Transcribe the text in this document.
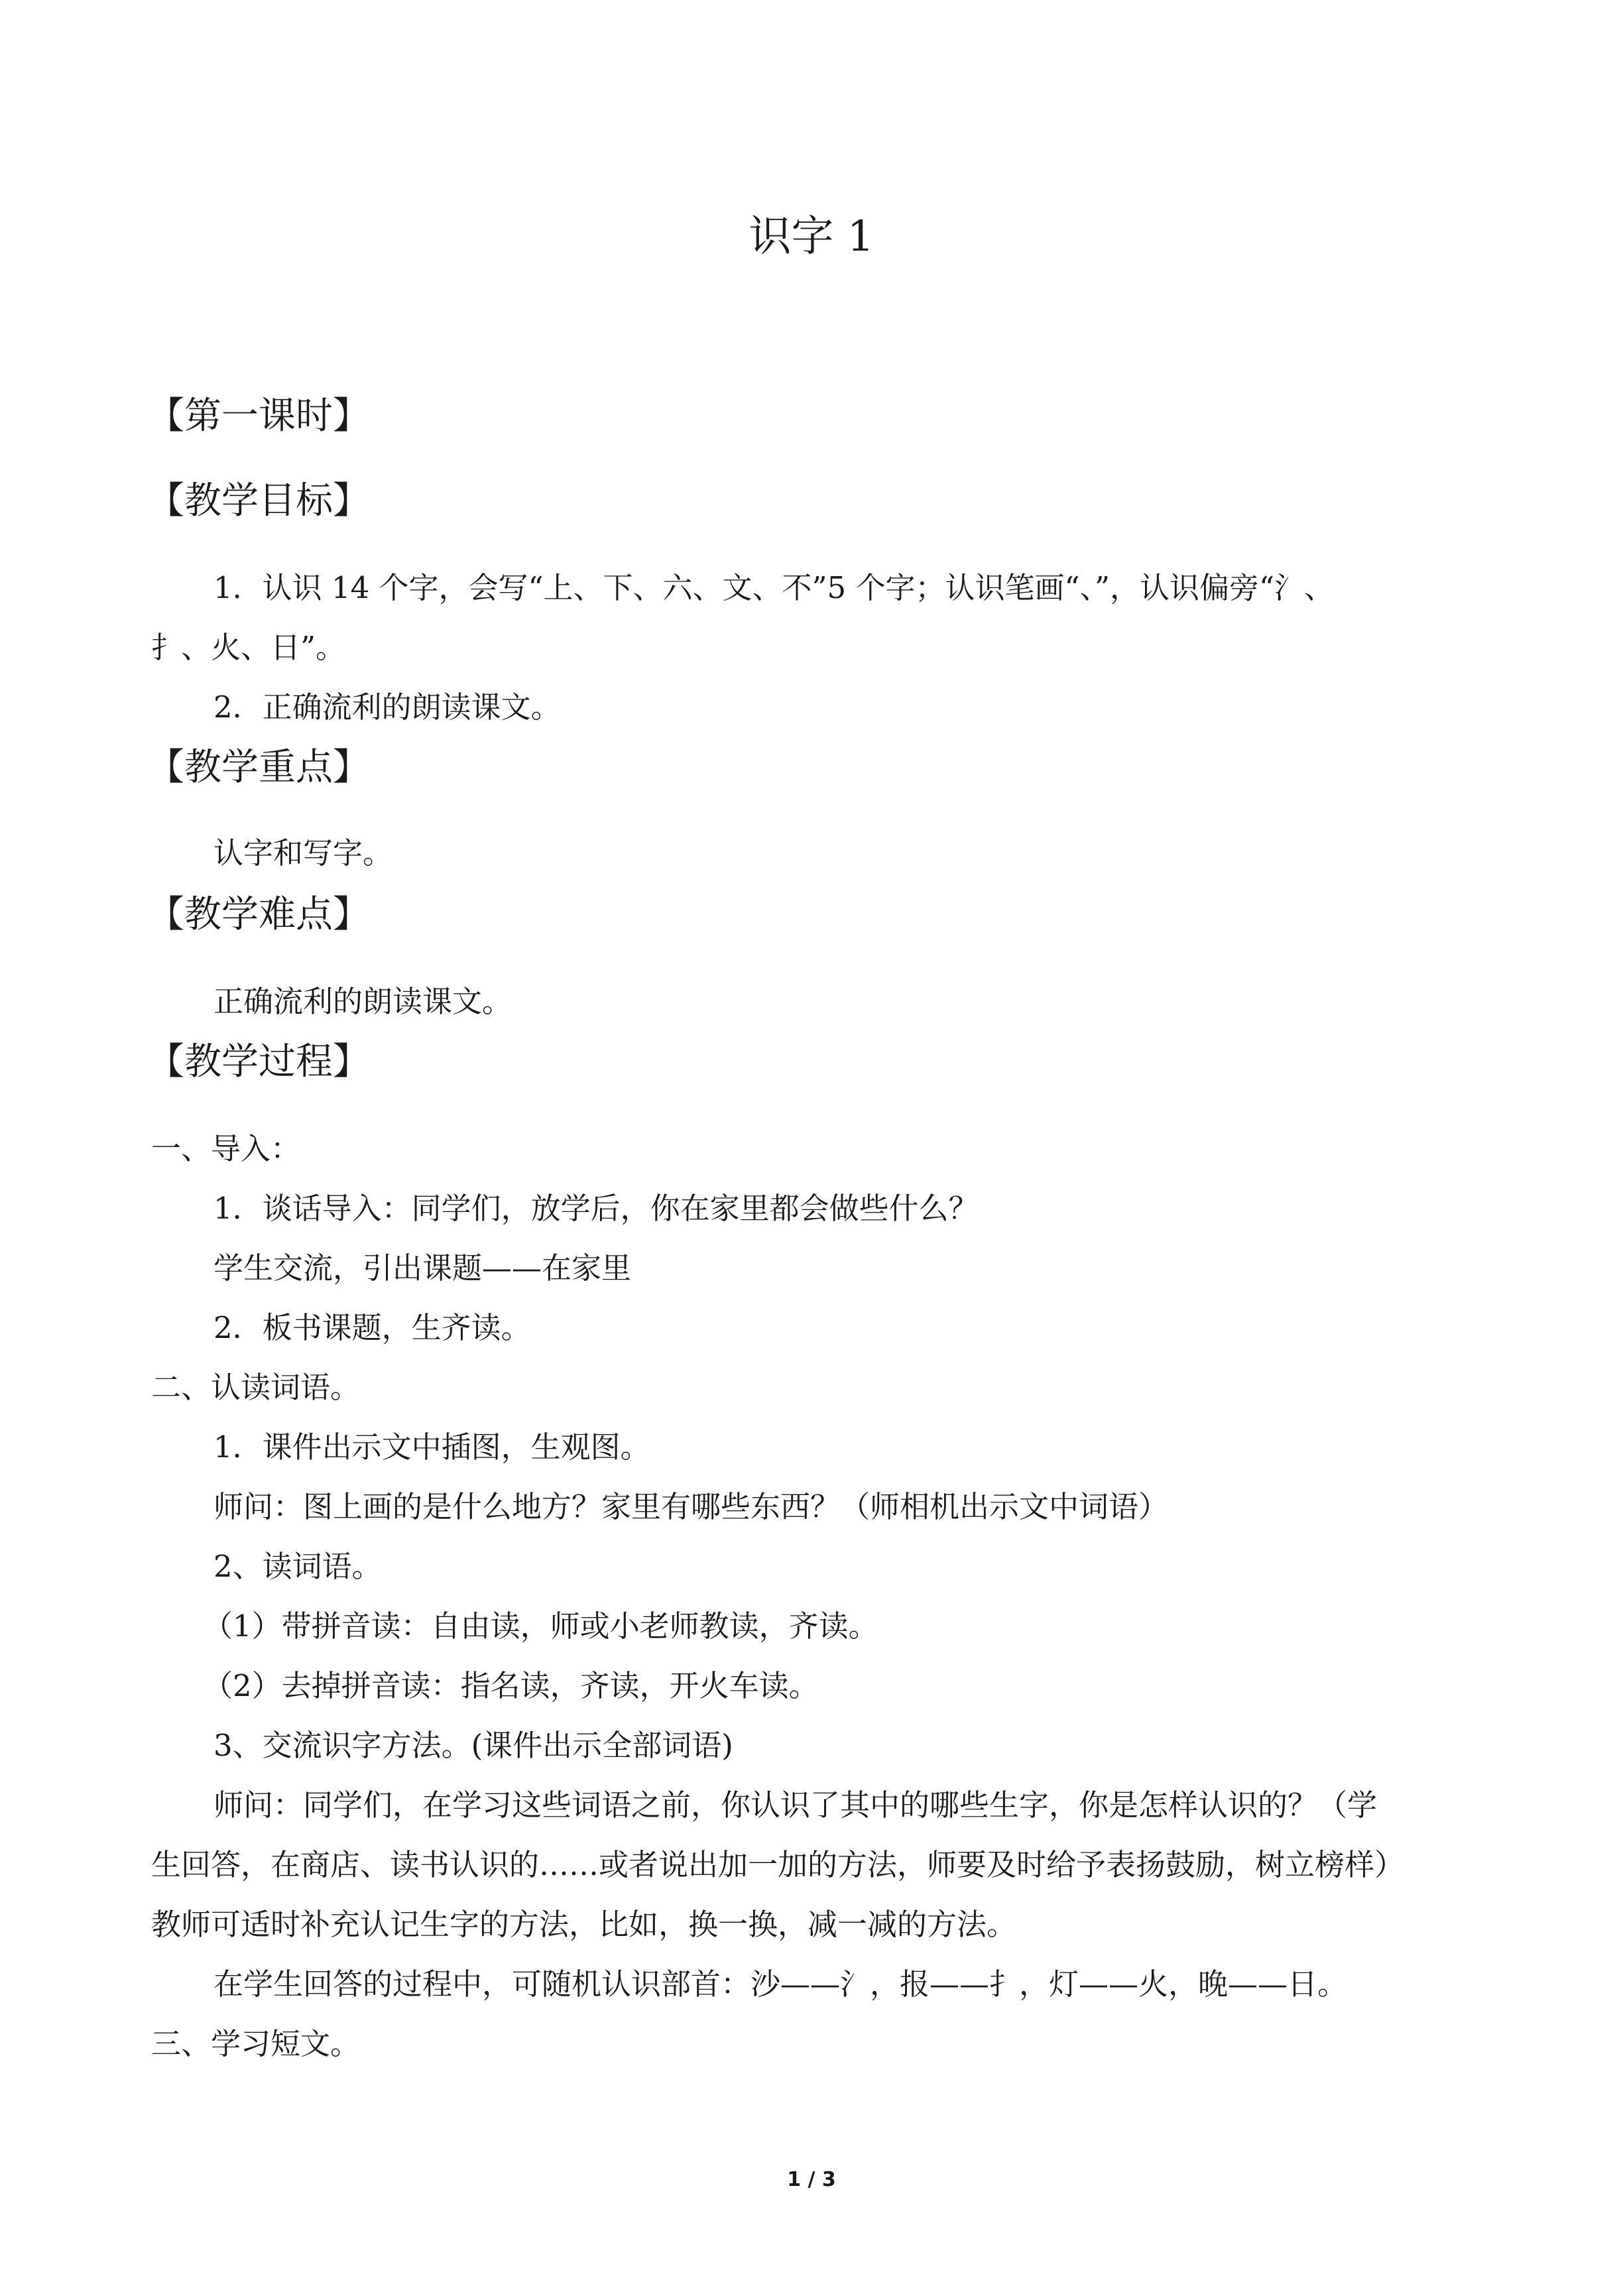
识字 1
【第一课时】
【教学目标】
1．认识 14 个字，会写“上、下、六、文、不”5 个字；认识笔画“、”，认识偏旁“氵、
扌、火、日”。
2．正确流利的朗读课文。
【教学重点】
认字和写字。
【教学难点】
正确流利的朗读课文。
【教学过程】
一、导入：
1．谈话导入：同学们，放学后，你在家里都会做些什么？
学生交流，引出课题——在家里
2．板书课题，生齐读。
二、认读词语。
1．课件出示文中插图，生观图。
师问：图上画的是什么地方？家里有哪些东西？（师相机出示文中词语）
2、读词语。
（1）带拼音读：自由读，师或小老师教读，齐读。
（2）去掉拼音读：指名读，齐读，开火车读。
3、交流识字方法。(课件出示全部词语)
师问：同学们，在学习这些词语之前，你认识了其中的哪些生字，你是怎样认识的？（学
生回答，在商店、读书认识的……或者说出加一加的方法，师要及时给予表扬鼓励，树立榜样）
教师可适时补充认记生字的方法，比如，换一换，减一减的方法。
在学生回答的过程中，可随机认识部首：沙——氵，报——扌，灯——火，晚——日。
三、学习短文。
1 / 3
